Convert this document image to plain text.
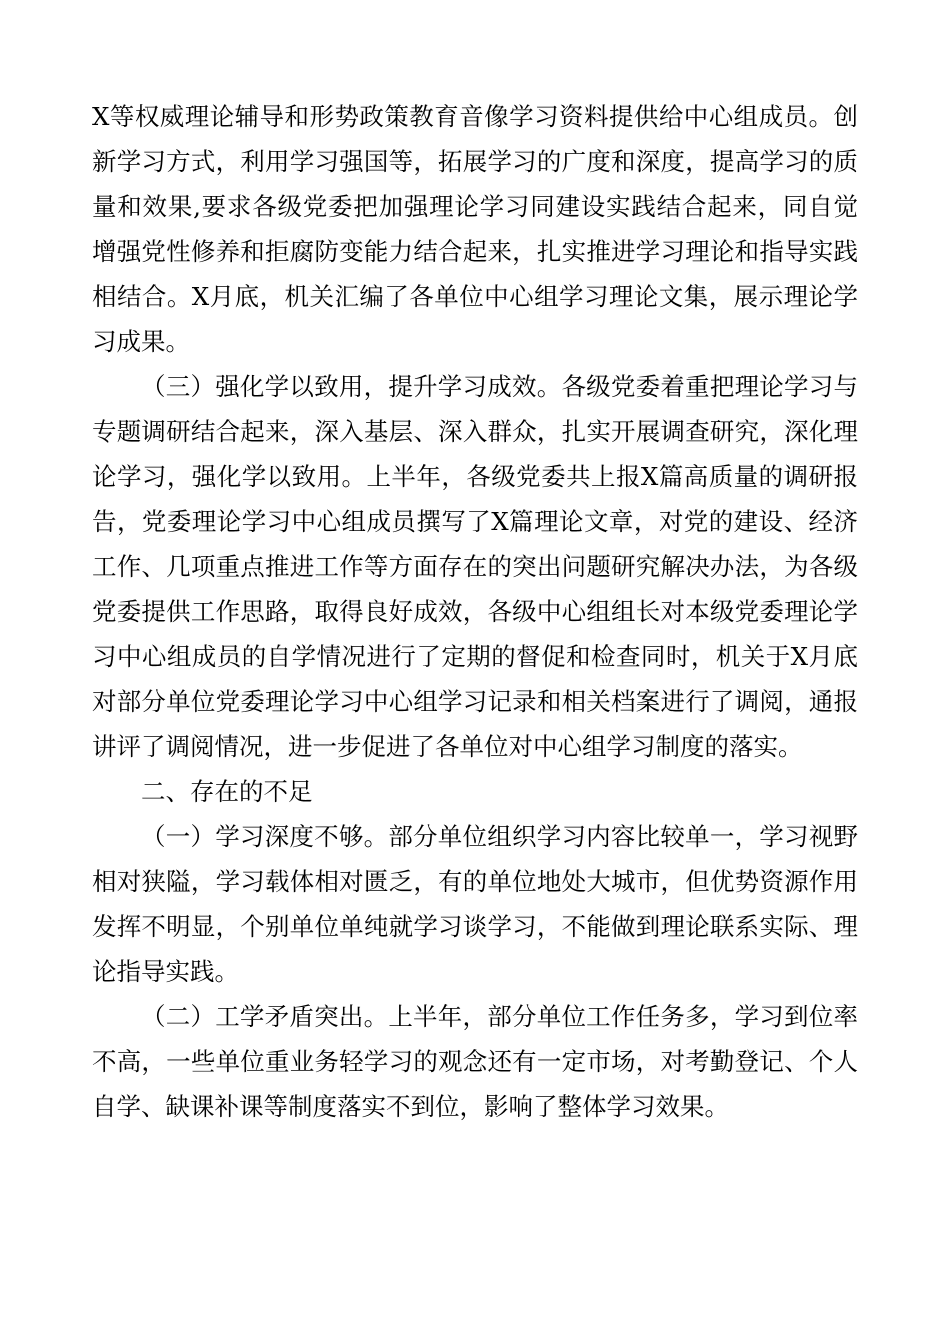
X等权威理论辅导和形势政策教育音像学习资料提供给中心组成员。创新学习方式，利用学习强国等，拓展学习的广度和深度，提高学习的质量和效果,要求各级党委把加强理论学习同建设实践结合起来，同自觉增强党性修养和拒腐防变能力结合起来，扎实推进学习理论和指导实践相结合。X月底，机关汇编了各单位中心组学习理论文集，展示理论学习成果。

（三）强化学以致用，提升学习成效。各级党委着重把理论学习与专题调研结合起来，深入基层、深入群众，扎实开展调查研究，深化理论学习，强化学以致用。上半年，各级党委共上报X篇高质量的调研报告，党委理论学习中心组成员撰写了X篇理论文章，对党的建设、经济工作、几项重点推进工作等方面存在的突出问题研究解决办法，为各级党委提供工作思路，取得良好成效，各级中心组组长对本级党委理论学习中心组成员的自学情况进行了定期的督促和检查同时，机关于X月底对部分单位党委理论学习中心组学习记录和相关档案进行了调阅，通报讲评了调阅情况，进一步促进了各单位对中心组学习制度的落实。

二、存在的不足

（一）学习深度不够。部分单位组织学习内容比较单一，学习视野相对狭隘，学习载体相对匮乏，有的单位地处大城市，但优势资源作用发挥不明显，个别单位单纯就学习谈学习，不能做到理论联系实际、理论指导实践。

（二）工学矛盾突出。上半年，部分单位工作任务多，学习到位率不高，一些单位重业务轻学习的观念还有一定市场，对考勤登记、个人自学、缺课补课等制度落实不到位，影响了整体学习效果。
